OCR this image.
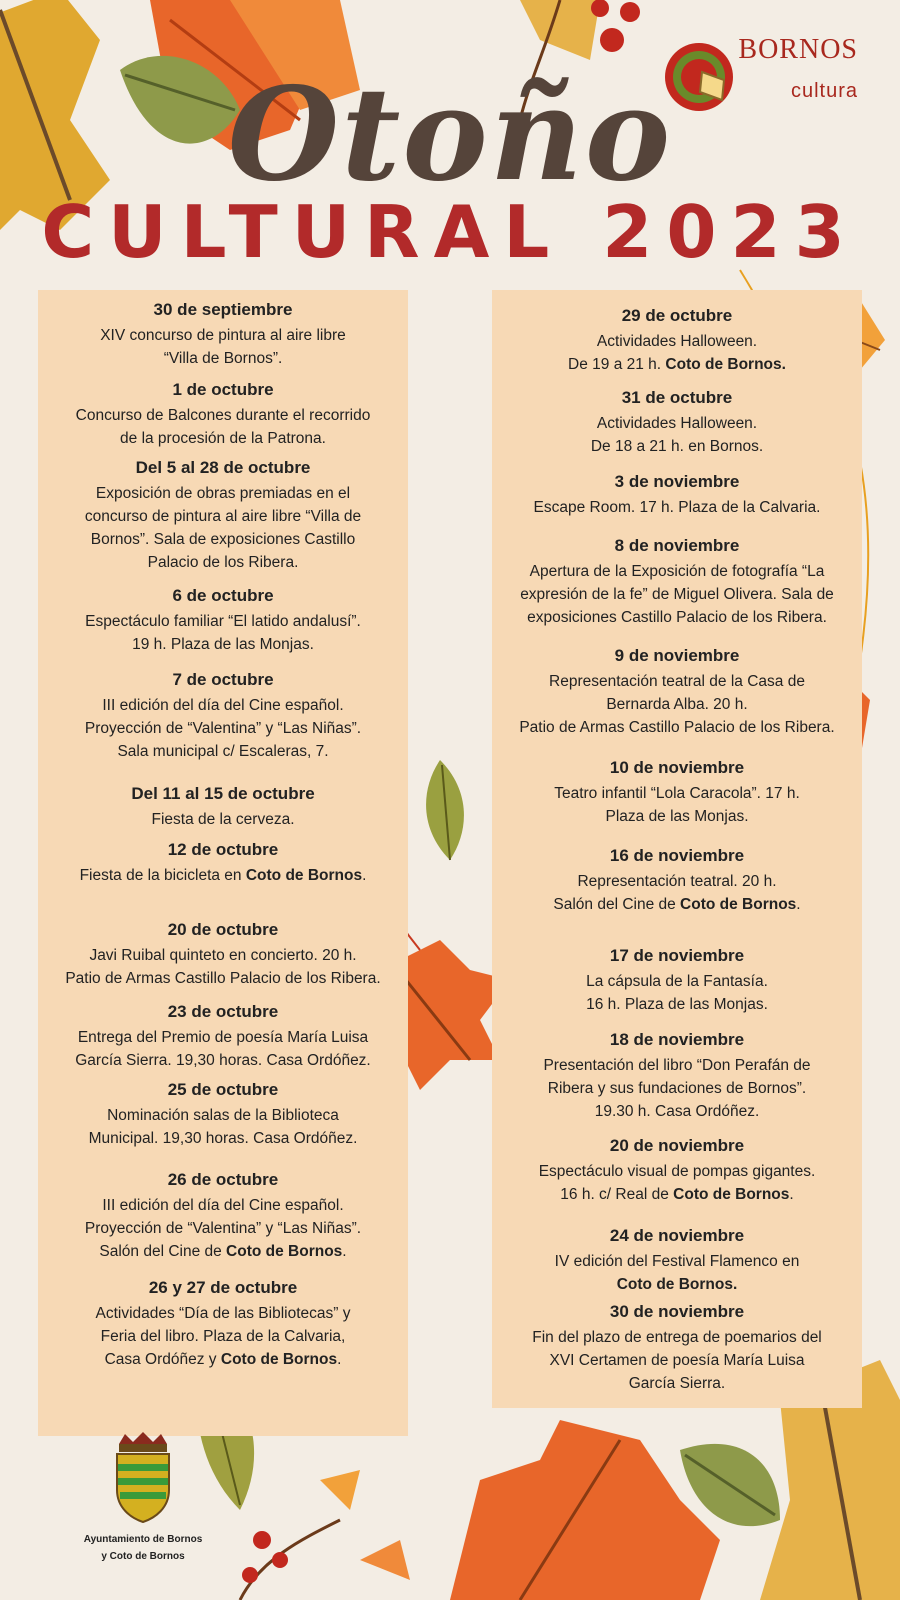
BORNOS
cultura
Otoño
CULTURAL 2023
30 de septiembre
XIV concurso de pintura al aire libre
“Villa de Bornos”.
1 de octubre
Concurso de Balcones durante el recorrido
de la procesión de la Patrona.
Del 5 al 28 de octubre
Exposición de obras premiadas en el
concurso de pintura al aire libre “Villa de
Bornos”. Sala de exposiciones Castillo
Palacio de los Ribera.
6 de octubre
Espectáculo familiar “El latido andalusí”.
19 h. Plaza de las Monjas.
7 de octubre
III edición del día del Cine español.
Proyección de “Valentina” y “Las Niñas”.
Sala municipal c/ Escaleras, 7.
Del 11 al 15 de octubre
Fiesta de la cerveza.
12 de octubre
Fiesta de la bicicleta en Coto de Bornos.
20 de octubre
Javi Ruibal quinteto en concierto. 20 h.
Patio de Armas Castillo Palacio de los Ribera.
23 de octubre
Entrega del Premio de poesía María Luisa
García Sierra. 19,30 horas. Casa Ordóñez.
25 de octubre
Nominación salas de la Biblioteca
Municipal. 19,30 horas. Casa Ordóñez.
26 de octubre
III edición del día del Cine español.
Proyección de “Valentina” y “Las Niñas”.
Salón del Cine de Coto de Bornos.
26 y 27 de octubre
Actividades “Día de las Bibliotecas” y
Feria del libro. Plaza de la Calvaria,
Casa Ordóñez y Coto de Bornos.
29 de octubre
Actividades Halloween.
De 19 a 21 h. Coto de Bornos.
31 de octubre
Actividades Halloween.
De 18 a 21 h. en Bornos.
3 de noviembre
Escape Room. 17 h. Plaza de la Calvaria.
8 de noviembre
Apertura de la Exposición de fotografía “La
expresión de la fe” de Miguel Olivera. Sala de
exposiciones Castillo Palacio de los Ribera.
9 de noviembre
Representación teatral de la Casa de
Bernarda Alba. 20 h.
Patio de Armas Castillo Palacio de los Ribera.
10 de noviembre
Teatro infantil “Lola Caracola”. 17 h.
Plaza de las Monjas.
16 de noviembre
Representación teatral. 20 h.
Salón del Cine de Coto de Bornos.
17 de noviembre
La cápsula de la Fantasía.
16 h. Plaza de las Monjas.
18 de noviembre
Presentación del libro “Don Perafán de
Ribera y sus fundaciones de Bornos”.
19.30 h. Casa Ordóñez.
20 de noviembre
Espectáculo visual de pompas gigantes.
16 h. c/ Real de Coto de Bornos.
24 de noviembre
IV edición del Festival Flamenco en
Coto de Bornos.
30 de noviembre
Fin del plazo de entrega de poemarios del
XVI Certamen de poesía María Luisa
García Sierra.
Ayuntamiento de Bornos
y Coto de Bornos
